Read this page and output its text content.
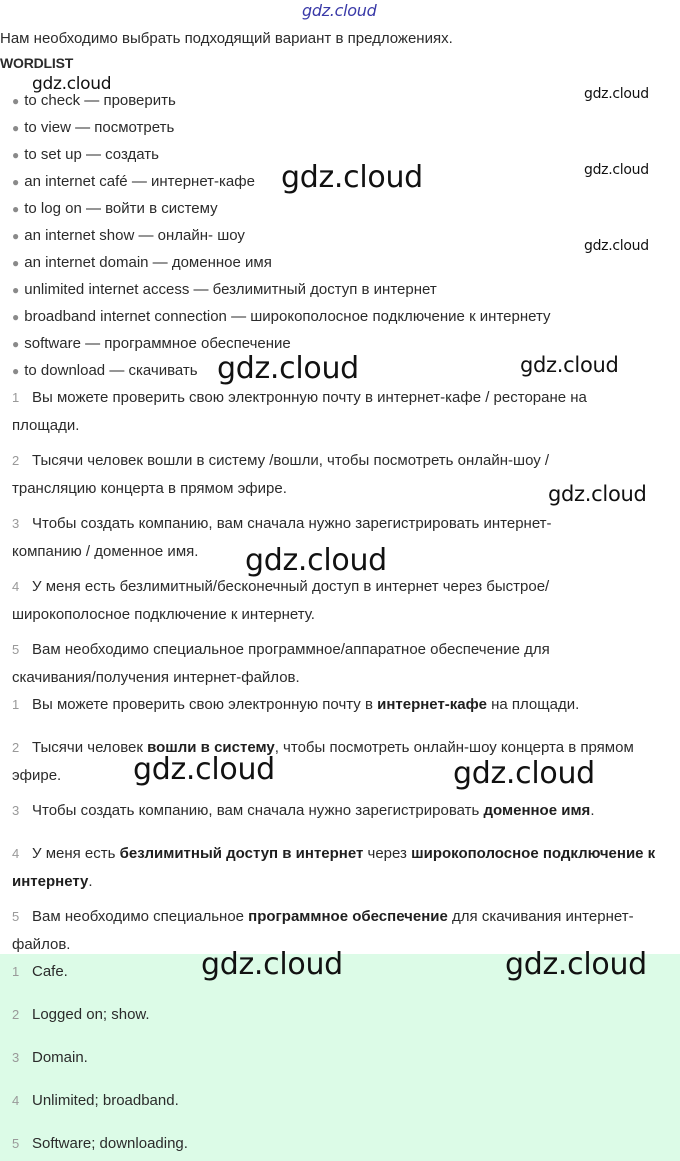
gdz.cloud
gdz.cloud	gdz.cloud
gdz.cloud	gdz.cloud
gdz.cloud
gdz.cloud	gdz.cloud
gdz.cloud
gdz.cloud
gdz.cloud	gdz.cloud
Нам необходимо выбрать подходящий вариант в предложениях.
WORDLIST
● to check — проверить
● to view — посмотреть
● to set up — создать
● an internet café — интернет-кафе
● to log on — войти в систему
● an internet show — онлайн- шоу
● an internet domain — доменное имя
● unlimited internet access — безлимитный доступ в интернет
● broadband internet connection — широкополосное подключение к интернету
● software — программное обеспечение
● to download — скачивать
1 Вы можете проверить свою электронную почту в интернет-кафе / ресторане на
площади.
2 Тысячи человек вошли в систему /вошли, чтобы посмотреть онлайн-шоу /
трансляцию концерта в прямом эфире.
3 Чтобы создать компанию, вам сначала нужно зарегистрировать интернет-
компанию / доменное имя.
4 У меня есть безлимитный/бесконечный доступ в интернет через быстрое/
широкополосное подключение к интернету.
5 Вам необходимо специальное программное/аппаратное обеспечение для
скачивания/получения интернет-файлов.
1 Вы можете проверить свою электронную почту в интернет-кафе на площади.
2 Тысячи человек вошли в систему, чтобы посмотреть онлайн-шоу концерта в прямом эфире.
3 Чтобы создать компанию, вам сначала нужно зарегистрировать доменное имя.
4 У меня есть безлимитный доступ в интернет через широкополосное подключение к интернету.
5 Вам необходимо специальное программное обеспечение для скачивания интернет-файлов.
1 Cafe.
2 Logged on; show.
3 Domain.
4 Unlimited; broadband.
5 Software; downloading.
gdz.cloud	gdz.cloud
